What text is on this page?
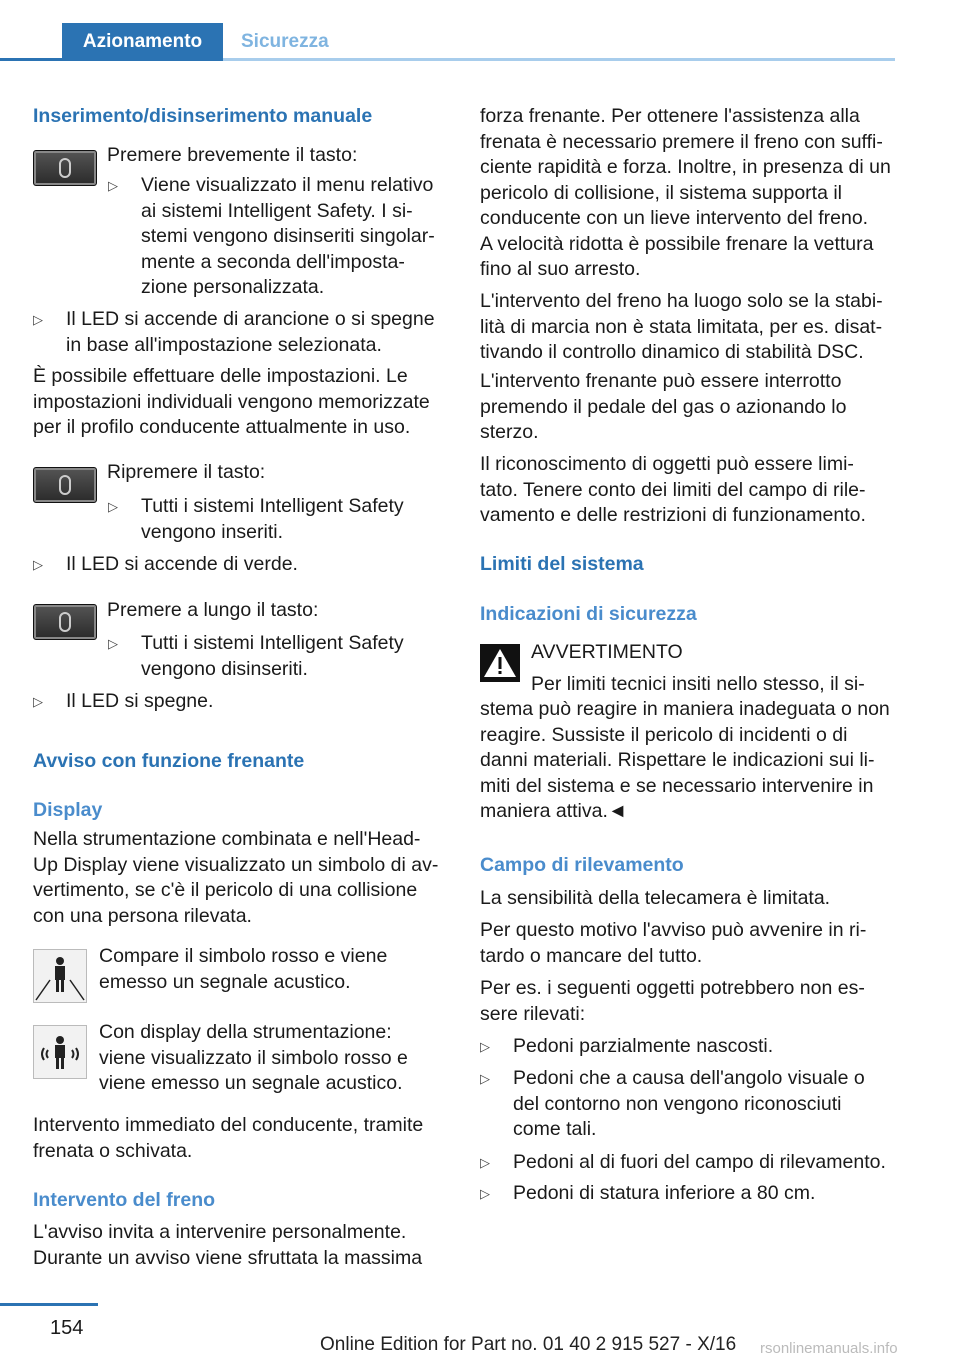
Azionamento	Sicurezza
Inserimento/disinserimento manuale
Premere brevemente il tasto:
▷ Viene visualizzato il menu relativo
ai sistemi Intelligent Safety. I si-
stemi vengono disinseriti singolar-
mente a seconda dell'imposta-
zione personalizzata.
▷ Il LED si accende di arancione o si spegne
in base all'impostazione selezionata.
È possibile effettuare delle impostazioni. Le
impostazioni individuali vengono memorizzate
per il profilo conducente attualmente in uso.
Ripremere il tasto:
▷ Tutti i sistemi Intelligent Safety
vengono inseriti.
▷ Il LED si accende di verde.
Premere a lungo il tasto:
▷ Tutti i sistemi Intelligent Safety
vengono disinseriti.
▷ Il LED si spegne.
Avviso con funzione frenante
Display
Nella strumentazione combinata e nell'Head-
Up Display viene visualizzato un simbolo di av-
vertimento, se c'è il pericolo di una collisione
con una persona rilevata.
Compare il simbolo rosso e viene
emesso un segnale acustico.
Con display della strumentazione:
viene visualizzato il simbolo rosso e
viene emesso un segnale acustico.
Intervento immediato del conducente, tramite
frenata o schivata.
Intervento del freno
L'avviso invita a intervenire personalmente.
Durante un avviso viene sfruttata la massima
forza frenante. Per ottenere l'assistenza alla
frenata è necessario premere il freno con suffi-
ciente rapidità e forza. Inoltre, in presenza di un
pericolo di collisione, il sistema supporta il
conducente con un lieve intervento del freno.
A velocità ridotta è possibile frenare la vettura
fino al suo arresto.
L'intervento del freno ha luogo solo se la stabi-
lità di marcia non è stata limitata, per es. disat-
tivando il controllo dinamico di stabilità DSC.
L'intervento frenante può essere interrotto
premendo il pedale del gas o azionando lo
sterzo.
Il riconoscimento di oggetti può essere limi-
tato. Tenere conto dei limiti del campo di rile-
vamento e delle restrizioni di funzionamento.
Limiti del sistema
Indicazioni di sicurezza
AVVERTIMENTO
Per limiti tecnici insiti nello stesso, il si-
stema può reagire in maniera inadeguata o non
reagire. Sussiste il pericolo di incidenti o di
danni materiali. Rispettare le indicazioni sui li-
miti del sistema e se necessario intervenire in
maniera attiva.◄
Campo di rilevamento
La sensibilità della telecamera è limitata.
Per questo motivo l'avviso può avvenire in ri-
tardo o mancare del tutto.
Per es. i seguenti oggetti potrebbero non es-
sere rilevati:
▷ Pedoni parzialmente nascosti.
▷ Pedoni che a causa dell'angolo visuale o
del contorno non vengono riconosciuti
come tali.
▷ Pedoni al di fuori del campo di rilevamento.
▷ Pedoni di statura inferiore a 80 cm.
154
Online Edition for Part no. 01 40 2 915 527 - X/16 rsonlinemanuals.info
